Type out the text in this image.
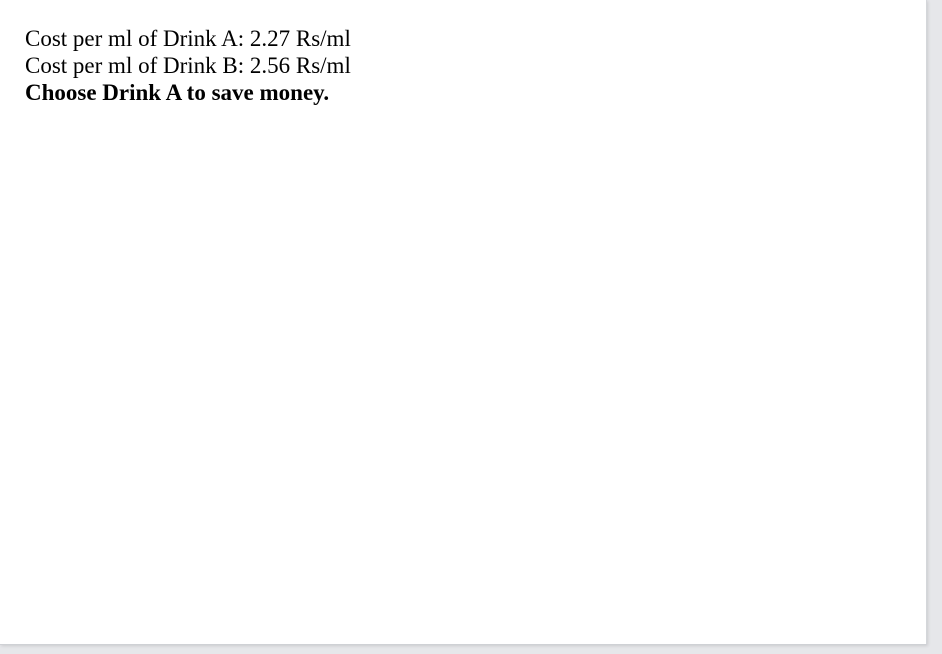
Cost per ml of Drink A: 2.27 Rs/ml
Cost per ml of Drink B: 2.56 Rs/ml
Choose Drink A to save money.
